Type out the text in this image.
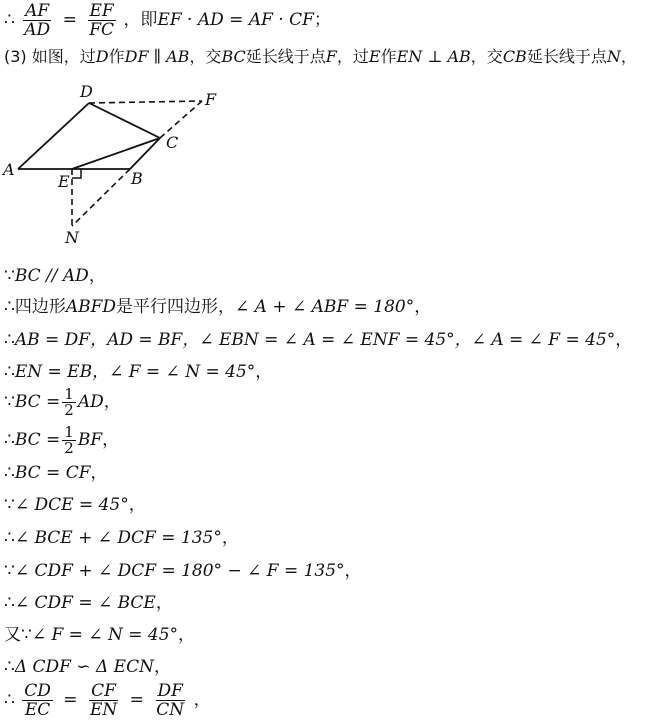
∴ $\frac{AF}{AD} = \frac{EF}{FC}$ ，即EF · AD = AF · CF；
(3) 如图，过D作DF ∥ AB，交BC延长线于点F，过E作EN ⊥ AB，交CB延长线于点N，
D	F
A
C
E	B
N
∵BC // AD，
∴四边形ABFD是平行四边形，∠ A + ∠ ABF = 180°，
∴AB = DF，AD = BF，∠ EBN = ∠ A = ∠ ENF = 45°，∠ A = ∠ F = 45°，
∴EN = EB，∠ F = ∠ N = 45°，
∵BC = $\frac{1}{2}$ AD，
∴BC = $\frac{1}{2}$ BF，
∴BC = CF，
∵∠ DCE = 45°，
∴∠ BCE + ∠ DCF = 135°，
∵∠ CDF + ∠ DCF = 180° − ∠ F = 135°，
∴∠ CDF = ∠ BCE，
又∵∠ F = ∠ N = 45°，
∴Δ CDF ∽ Δ ECN，
∴ $\frac{CD}{EC} = \frac{CF}{EN} = \frac{DF}{CN}$ ，
